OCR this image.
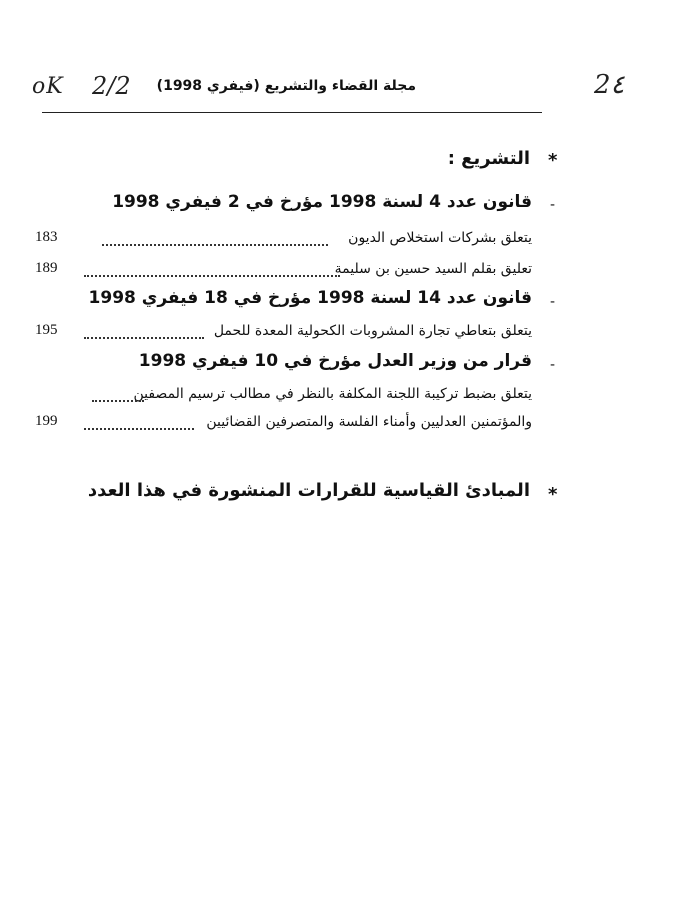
oK 2/2 مجلة القضاء والتشريع (فيفري 1998)	2٤
*
التشريع :
-
قانون عدد 4 لسنة 1998 مؤرخ في 2 فيفري 1998
يتعلق بشركات استخلاص الديون
183
تعليق بقلم السيد حسين بن سليمة
189
-
قانون عدد 14 لسنة 1998 مؤرخ في 18 فيفري 1998
يتعلق بتعاطي تجارة المشروبات الكحولية المعدة للحمل
195
-
قرار من وزير العدل مؤرخ في 10 فيفري 1998
يتعلق بضبط تركيبة اللجنة المكلفة بالنظر في مطالب ترسيم المصفين
والمؤتمنين العدليين وأمناء الفلسة والمتصرفين القضائيين
199
*
المبادئ القياسية للقرارات المنشورة في هذا العدد
